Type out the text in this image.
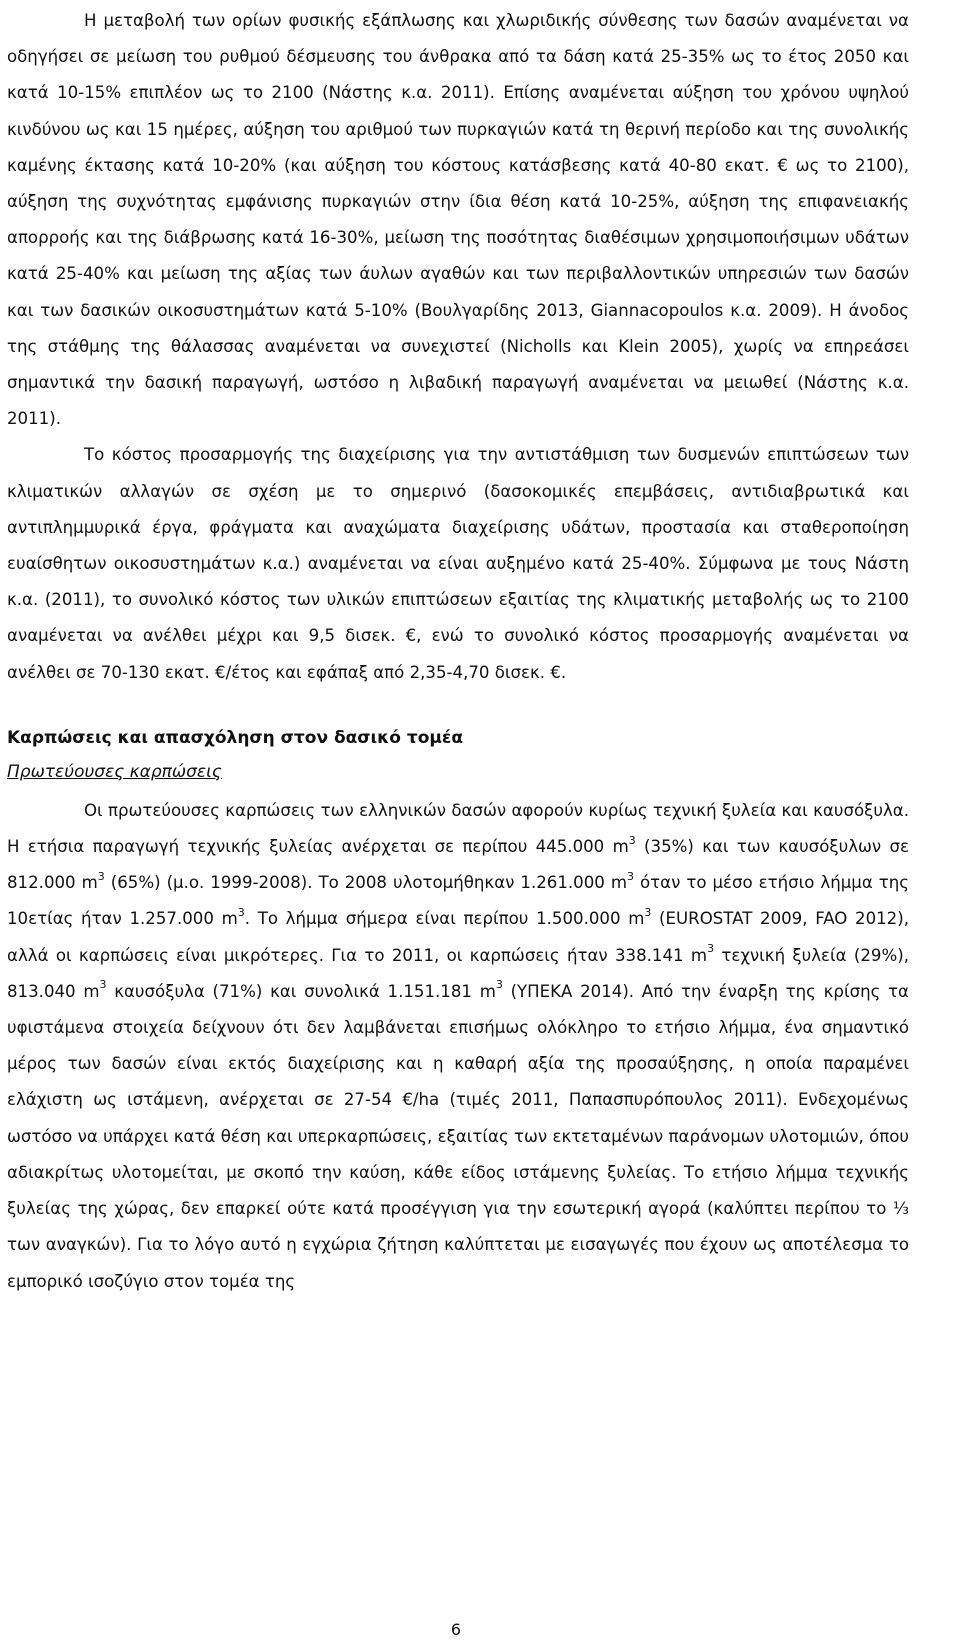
Η μεταβολή των ορίων φυσικής εξάπλωσης και χλωριδικής σύνθεσης των δασών αναμένεται να οδηγήσει σε μείωση του ρυθμού δέσμευσης του άνθρακα από τα δάση κατά 25-35% ως το έτος 2050 και κατά 10-15% επιπλέον ως το 2100 (Νάστης κ.α. 2011). Επίσης αναμένεται αύξηση του χρόνου υψηλού κινδύνου ως και 15 ημέρες, αύξηση του αριθμού των πυρκαγιών κατά τη θερινή περίοδο και της συνολικής καμένης έκτασης κατά 10-20% (και αύξηση του κόστους κατάσβεσης κατά 40-80 εκατ. € ως το 2100), αύξηση της συχνότητας εμφάνισης πυρκαγιών στην ίδια θέση κατά 10-25%, αύξηση της επιφανειακής απορροής και της διάβρωσης κατά 16-30%, μείωση της ποσότητας διαθέσιμων χρησιμοποιήσιμων υδάτων κατά 25-40% και μείωση της αξίας των άυλων αγαθών και των περιβαλλοντικών υπηρεσιών των δασών και των δασικών οικοσυστημάτων κατά 5-10% (Βουλγαρίδης 2013, Giannacopoulos κ.α. 2009). Η άνοδος της στάθμης της θάλασσας αναμένεται να συνεχιστεί (Nicholls και Klein 2005), χωρίς να επηρεάσει σημαντικά την δασική παραγωγή, ωστόσο η λιβαδική παραγωγή αναμένεται να μειωθεί (Νάστης κ.α. 2011).

Το κόστος προσαρμογής της διαχείρισης για την αντιστάθμιση των δυσμενών επιπτώσεων των κλιματικών αλλαγών σε σχέση με το σημερινό (δασοκομικές επεμβάσεις, αντιδιαβρωτικά και αντιπλημμυρικά έργα, φράγματα και αναχώματα διαχείρισης υδάτων, προστασία και σταθεροποίηση ευαίσθητων οικοσυστημάτων κ.α.) αναμένεται να είναι αυξημένο κατά 25-40%. Σύμφωνα με τους Νάστη κ.α. (2011), το συνολικό κόστος των υλικών επιπτώσεων εξαιτίας της κλιματικής μεταβολής ως το 2100 αναμένεται να ανέλθει μέχρι και 9,5 δισεκ. €, ενώ το συνολικό κόστος προσαρμογής αναμένεται να ανέλθει σε 70-130 εκατ. €/έτος και εφάπαξ από 2,35-4,70 δισεκ. €.

Καρπώσεις και απασχόληση στον δασικό τομέα
Πρωτεύουσες καρπώσεις

Οι πρωτεύουσες καρπώσεις των ελληνικών δασών αφορούν κυρίως τεχνική ξυλεία και καυσόξυλα. Η ετήσια παραγωγή τεχνικής ξυλείας ανέρχεται σε περίπου 445.000 $m^3$ (35%) και των καυσόξυλων σε 812.000 $m^3$ (65%) (μ.ο. 1999-2008). Το 2008 υλοτομήθηκαν 1.261.000 $m^3$ όταν το μέσο ετήσιο λήμμα της 10ετίας ήταν 1.257.000 $m^3$. Το λήμμα σήμερα είναι περίπου 1.500.000 $m^3$ (EUROSTAT 2009, FAO 2012), αλλά οι καρπώσεις είναι μικρότερες. Για το 2011, οι καρπώσεις ήταν 338.141 $m^3$ τεχνική ξυλεία (29%), 813.040 $m^3$ καυσόξυλα (71%) και συνολικά 1.151.181 $m^3$ (ΥΠΕΚΑ 2014). Από την έναρξη της κρίσης τα υφιστάμενα στοιχεία δείχνουν ότι δεν λαμβάνεται επισήμως ολόκληρο το ετήσιο λήμμα, ένα σημαντικό μέρος των δασών είναι εκτός διαχείρισης και η καθαρή αξία της προσαύξησης, η οποία παραμένει ελάχιστη ως ιστάμενη, ανέρχεται σε 27-54 €/ha (τιμές 2011, Παπασπυρόπουλος 2011). Ενδεχομένως ωστόσο να υπάρχει κατά θέση και υπερκαρπώσεις, εξαιτίας των εκτεταμένων παράνομων υλοτομιών, όπου αδιακρίτως υλοτομείται, με σκοπό την καύση, κάθε είδος ιστάμενης ξυλείας. Το ετήσιο λήμμα τεχνικής ξυλείας της χώρας, δεν επαρκεί ούτε κατά προσέγγιση για την εσωτερική αγορά (καλύπτει περίπου το ⅓ των αναγκών). Για το λόγο αυτό η εγχώρια ζήτηση καλύπτεται με εισαγωγές που έχουν ως αποτέλεσμα το εμπορικό ισοζύγιο στον τομέα της

6
